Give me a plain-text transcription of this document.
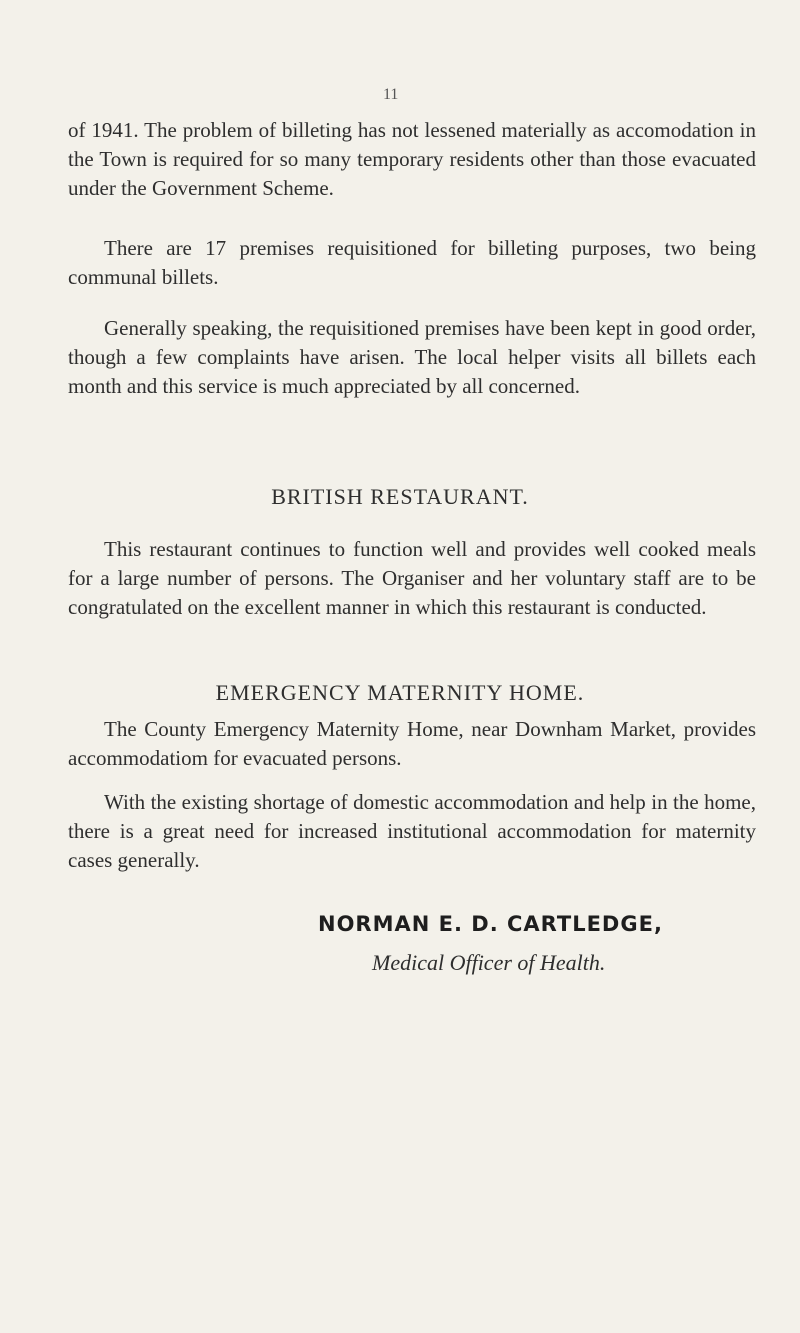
11

of 1941. The problem of billeting has not lessened materially as accomodation in the Town is required for so many temporary residents other than those evacuated under the Government Scheme.

There are 17 premises requisitioned for billeting purposes, two being communal billets.

Generally speaking, the requisitioned premises have been kept in good order, though a few complaints have arisen. The local helper visits all billets each month and this service is much appreciated by all concerned.

BRITISH RESTAURANT.

This restaurant continues to function well and provides well cooked meals for a large number of persons. The Organiser and her voluntary staff are to be congratulated on the excellent manner in which this restaurant is conducted.

EMERGENCY MATERNITY HOME.

The County Emergency Maternity Home, near Downham Market, provides accommodatiom for evacuated persons.

With the existing shortage of domestic accommodation and help in the home, there is a great need for increased institutional accommodation for maternity cases generally.

NORMAN E. D. CARTLEDGE,
Medical Officer of Health.
